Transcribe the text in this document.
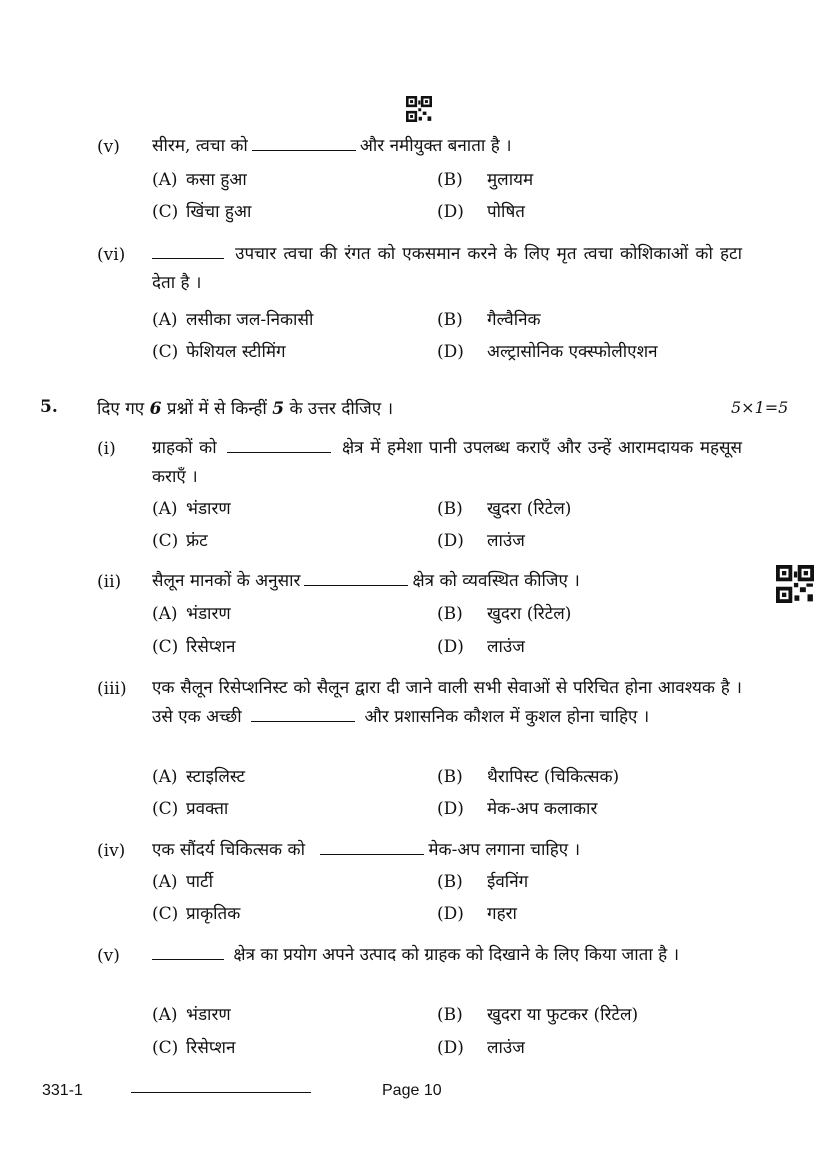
(v) सीरम, त्वचा को	और नमीयुक्त बनाता है ।
(A) कसा हुआ	(B) मुलायम
(C) खिंचा हुआ	(D) पोषित
(vi)	उपचार त्वचा की रंगत को एकसमान करने के लिए मृत त्वचा कोशिकाओं को हटा देता है ।
(A) लसीका जल-निकासी	(B) गैल्वैनिक
(C) फेशियल स्टीमिंग	(D) अल्ट्रासोनिक एक्स्फोलीएशन
5. दिए गए 6 प्रश्नों में से किन्हीं 5 के उत्तर दीजिए ।	5×1=5
(i) ग्राहकों को	क्षेत्र में हमेशा पानी उपलब्ध कराएँ और उन्हें आरामदायक महसूस कराएँ ।
(A) भंडारण	(B) खुदरा (रिटेल)
(C) फ्रंट	(D) लाउंज
(ii) सैलून मानकों के अनुसार	क्षेत्र को व्यवस्थित कीजिए ।
(A) भंडारण	(B) खुदरा (रिटेल)
(C) रिसेप्शन	(D) लाउंज
(iii) एक सैलून रिसेप्शनिस्ट को सैलून द्वारा दी जाने वाली सभी सेवाओं से परिचित होना आवश्यक है । उसे एक अच्छी	और प्रशासनिक कौशल में कुशल होना चाहिए ।
(A) स्टाइलिस्ट	(B) थैरापिस्ट (चिकित्सक)
(C) प्रवक्ता	(D) मेक-अप कलाकार
(iv) एक सौंदर्य चिकित्सक को	मेक-अप लगाना चाहिए ।
(A) पार्टी	(B) ईवनिंग
(C) प्राकृतिक	(D) गहरा
(v)	क्षेत्र का प्रयोग अपने उत्पाद को ग्राहक को दिखाने के लिए किया जाता है ।
(A) भंडारण	(B) खुदरा या फुटकर (रिटेल)
(C) रिसेप्शन	(D) लाउंज
331-1	Page 10
